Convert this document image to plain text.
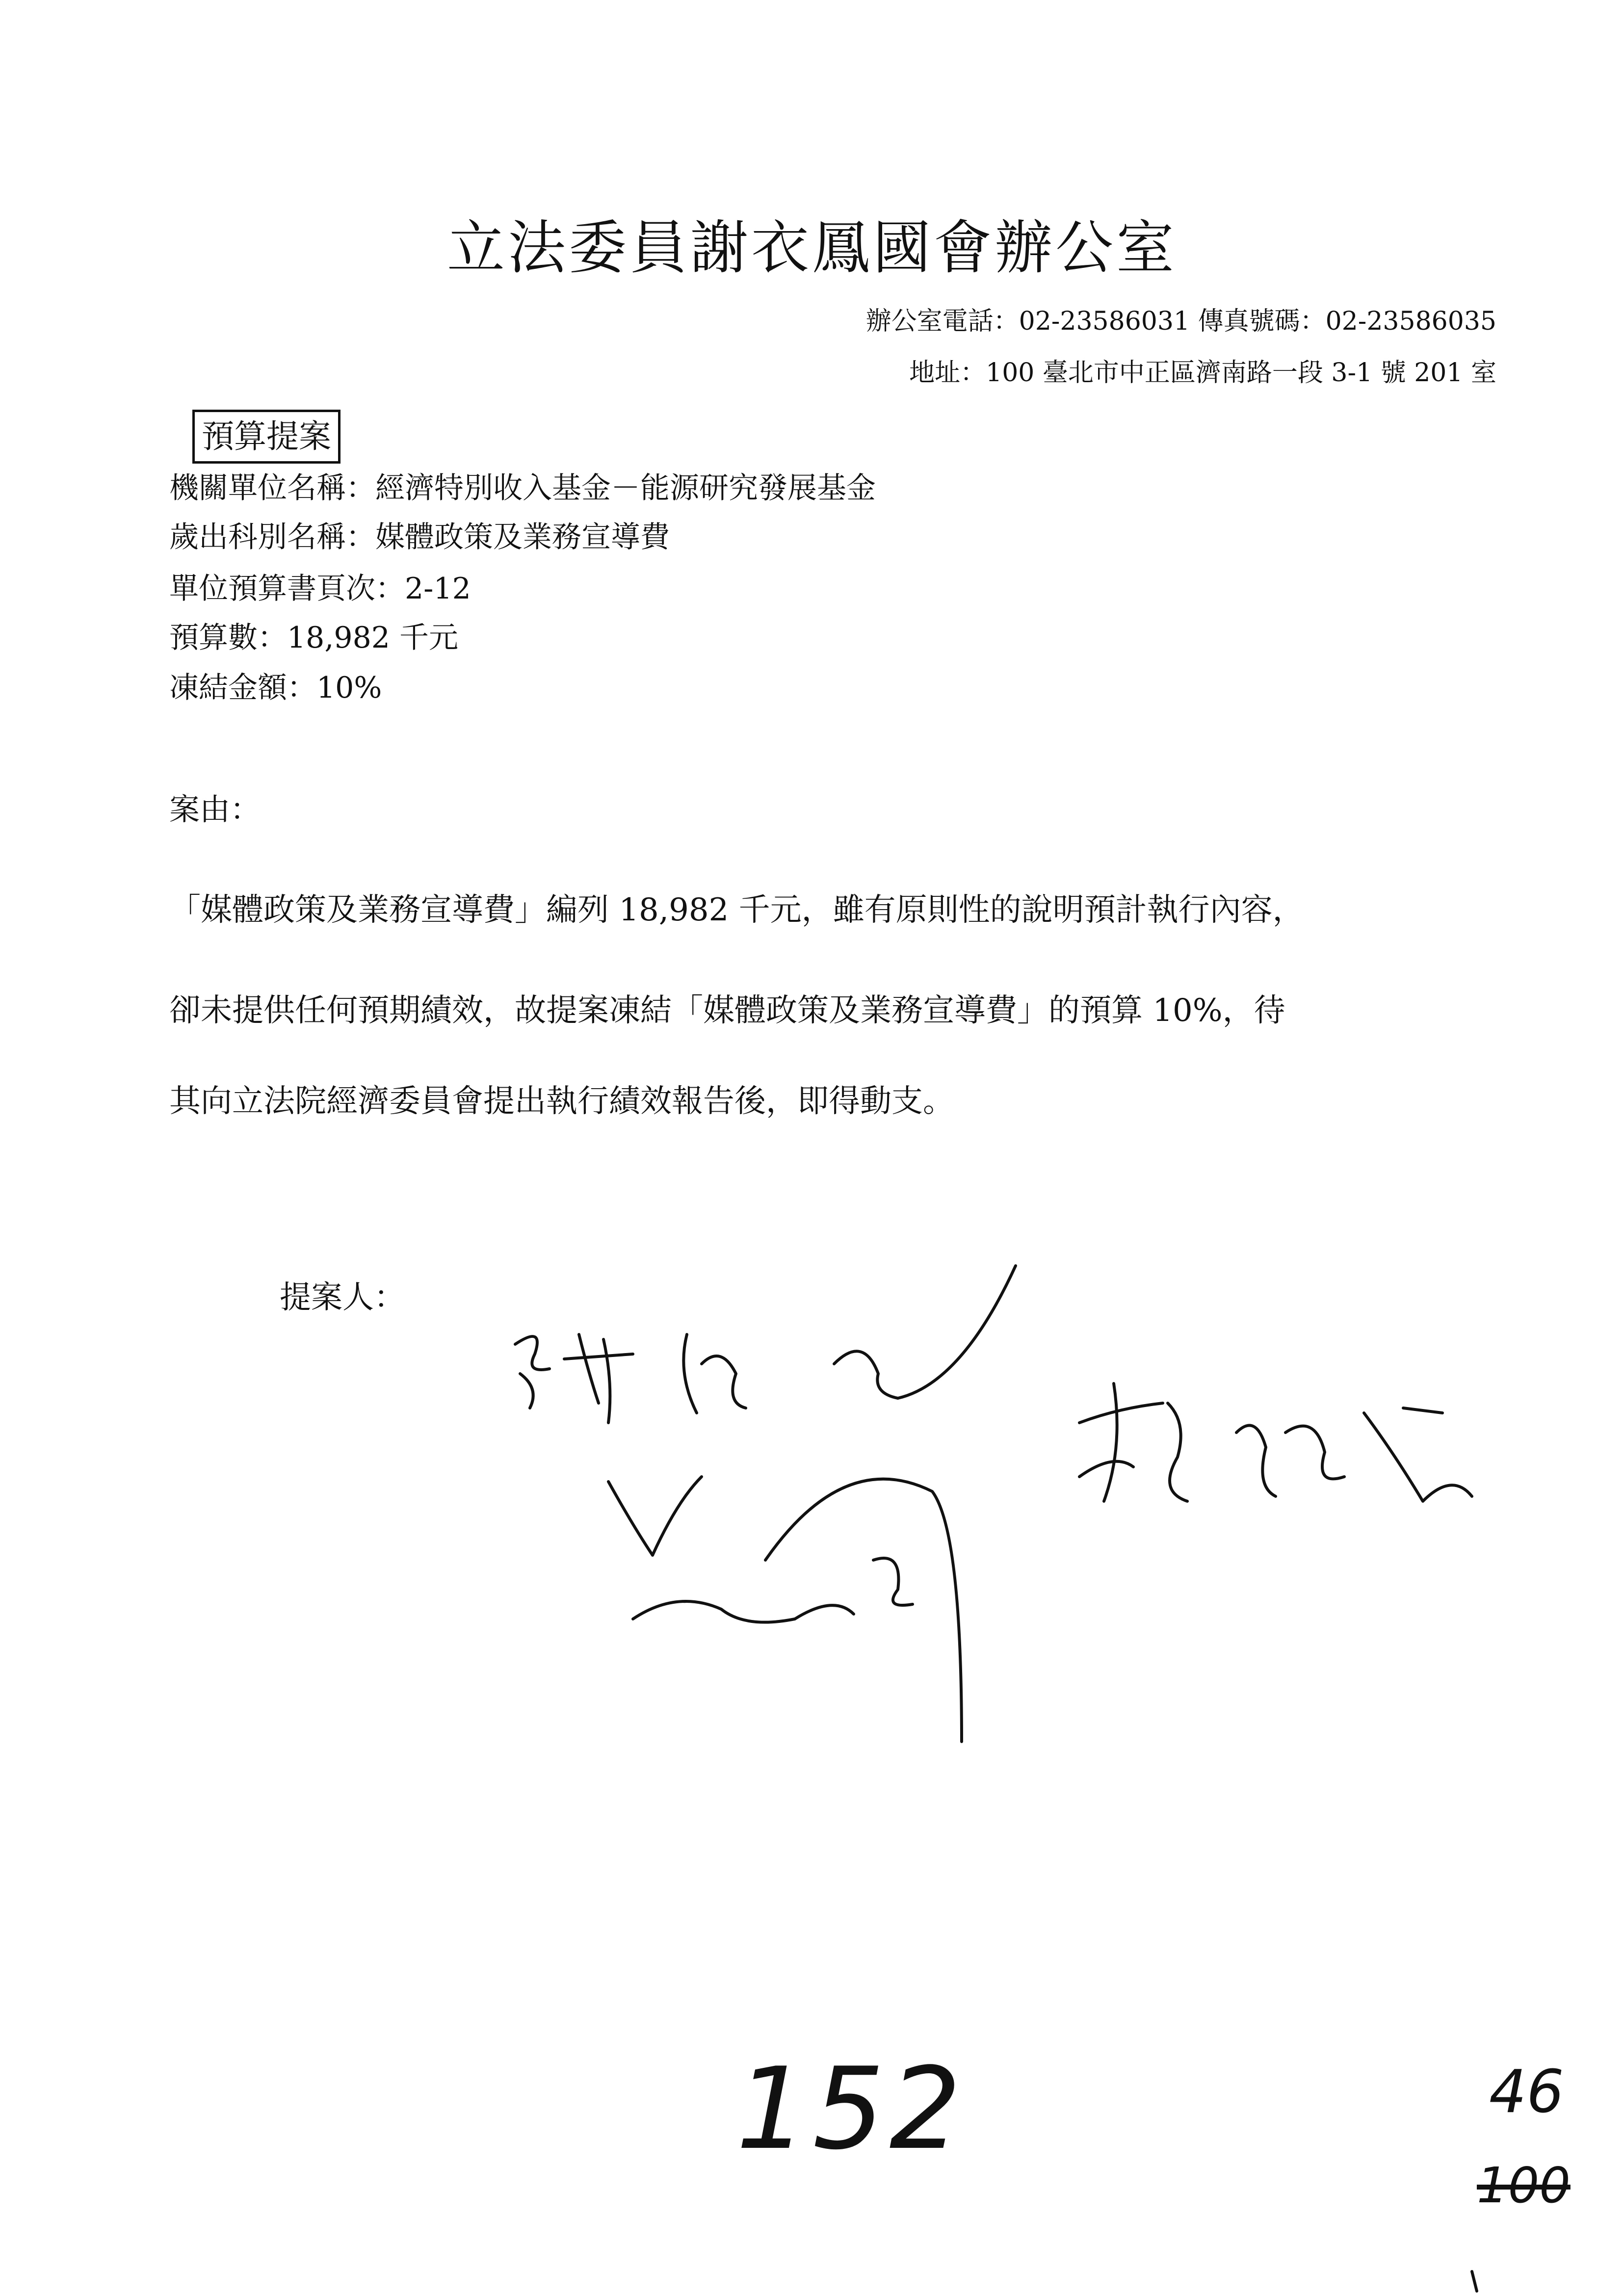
立法委員謝衣鳳國會辦公室
辦公室電話：02-23586031 傳真號碼：02-23586035
地址：100 臺北市中正區濟南路一段 3-1 號 201 室
預算提案
機關單位名稱：經濟特別收入基金－能源研究發展基金
歲出科別名稱：媒體政策及業務宣導費
單位預算書頁次：2-12
預算數：18,982 千元
凍結金額：10%
案由：
「媒體政策及業務宣導費」編列 18,982 千元，雖有原則性的說明預計執行內容，
卻未提供任何預期績效，故提案凍結「媒體政策及業務宣導費」的預算 10%，待
其向立法院經濟委員會提出執行績效報告後，即得動支。
提案人：
152	46
100
